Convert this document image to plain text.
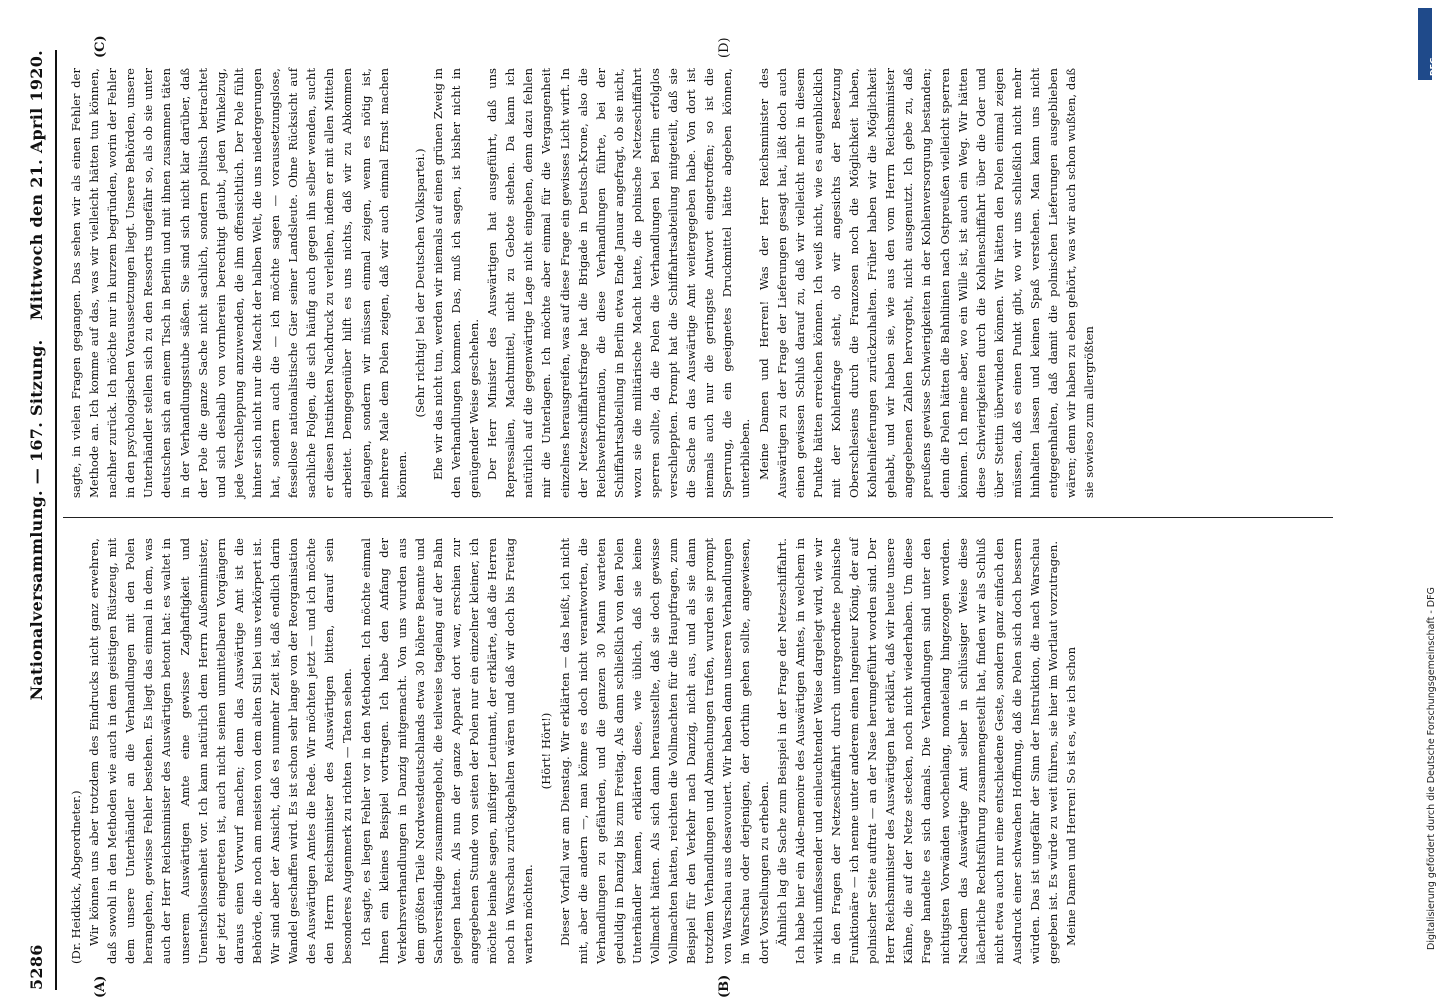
5286
Nationalversammlung. — 167. Sitzung.
Mittwoch den 21. April 1920.
(A)	(B)
(C)	(D)

(Dr. Heidkick, Abgeordneter.) Wir können uns aber trotzdem des Eindrucks nicht ganz erwehren, daß sowohl in den Methoden wie auch in dem geistigen Rüstzeug, mit dem unsere Unterhändler an die Verhandlungen mit den Polen herangehen, gewisse Fehler bestehen. Es liegt das einmal in dem, was auch der Herr Reichsminister des Auswärtigen betont hat: es waltet in unserem Auswärtigen Amte eine gewisse Zaghaftigkeit und Unentschlossenheit vor. Ich kann natürlich dem Herrn Außenminister, der jetzt eingetreten ist, auch nicht seinen unmittelbaren Vorgängern daraus einen Vorwurf machen; denn das Auswärtige Amt ist die Behörde, die noch am meisten von dem alten Stil bei uns verkörpert ist. Wir sind aber der Ansicht, daß es nunmehr Zeit ist, daß endlich darin Wandel geschaffen wird. Es ist schon sehr lange von der Reorganisation des Auswärtigen Amtes die Rede. Wir möchten jetzt — und ich möchte den Herrn Reichsminister des Auswärtigen bitten, darauf sein besonderes Augenmerk zu richten — Taten sehen. Ich sagte, es liegen Fehler vor in den Methoden. Ich möchte einmal Ihnen ein kleines Beispiel vortragen. Ich habe den Anfang der Verkehrsverhandlungen in Danzig mitgemacht. Von uns wurden aus dem größten Teile Nordwestdeutschlands etwa 30 höhere Beamte und Sachverständige zusammengeholt, die teilweise tagelang auf der Bahn gelegen hatten. Als nun der ganze Apparat dort war, erschien zur angegebenen Stunde von seiten der Polen nur ein einzelner kleiner, ich möchte beinahe sagen, mißriger Leutnant, der erklärte, daß die Herren noch in Warschau zurückgehalten wären und daß wir doch bis Freitag warten möchten.

(Hört! Hört!) Dieser Vorfall war am Dienstag. Wir erklärten — das heißt, ich nicht mit, aber die andern —, man könne es doch nicht verantworten, die Verhandlungen zu gefährden, und die ganzen 30 Mann warteten geduldig in Danzig bis zum Freitag. Als dann schließlich von den Polen Unterhändler kamen, erklärten diese, wie üblich, daß sie keine Vollmacht hätten. Als sich dann herausstellte, daß sie doch gewisse Vollmachten hatten, reichten die Vollmachten für die Hauptfragen, zum Beispiel für den Verkehr nach Danzig, nicht aus, und als sie dann trotzdem Verhandlungen und Abmachungen trafen, wurden sie prompt von Warschau aus desavouiert. Wir haben dann unseren Verhandlungen in Warschau oder derjenigen, der dorthin gehen sollte, angewiesen, dort Vorstellungen zu erheben. Ähnlich lag die Sache zum Beispiel in der Frage der Netzeschiffahrt. Ich habe hier ein Aide-memoire des Auswärtigen Amtes, in welchem in wirklich umfassender und einleuchtender Weise dargelegt wird, wie wir in den Fragen der Netzeschiffahrt durch untergeordnete polnische Funktionäre — ich nenne unter anderem einen Ingenieur König, der auf polnischer Seite auftrat — an der Nase herumgeführt worden sind. Der Herr Reichsminister des Auswärtigen hat erklärt, daß wir heute unsere Kähne, die auf der Netze stecken, noch nicht wiederhaben. Um diese Frage handelte es sich damals. Die Verhandlungen sind unter den nichtigsten Vorwänden wochenlang, monatelang hingezogen worden. Nachdem das Auswärtige Amt selber in schlüssiger Weise diese lächerliche Rechtsführung zusammengestellt hat, finden wir als Schluß nicht etwa auch nur eine entschiedene Geste, sondern ganz einfach den Ausdruck einer schwachen Hoffnung, daß die Polen sich doch bessern würden. Das ist ungefähr der Sinn der Instruktion, die nach Warschau gegeben ist. Es würde zu weit führen, sie hier im Wortlaut vorzutragen. Meine Damen und Herren! So ist es, wie ich schon

sagte, in vielen Fragen gegangen. Das sehen wir als einen Fehler der Methode an. Ich komme auf das, was wir vielleicht hätten tun können, nachher zurück. Ich möchte nur in kurzem begründen, worin der Fehler in den psychologischen Voraussetzungen liegt. Unsere Behörden, unsere Unterhändler stellen sich zu den Ressorts ungefähr so, als ob sie unter deutschen sich an einem Tisch in Berlin und mit ihnen zusammen täten in der Verhandlungsstube säßen. Sie sind sich nicht klar darüber, daß der Pole die ganze Sache nicht sachlich, sondern politisch betrachtet und sich deshalb von vornherein berechtigt glaubt, jeden Winkelzug, jede Verschleppung anzuwenden, die ihm offensichtlich. Der Pole fühlt hinter sich nicht nur die Macht der halben Welt, die uns niedergerungen hat, sondern auch die — ich möchte sagen — voraussetzungslose, fessellose nationalistische Gier seiner Landsleute. Ohne Rücksicht auf sachliche Folgen, die sich häufig auch gegen ihn selber wenden, sucht er diesen Instinkten Nachdruck zu verleihen, indem er mit allen Mitteln arbeitet. Demgegenüber hilft es uns nichts, daß wir zu Abkommen gelangen, sondern wir müssen einmal zeigen, wenn es nötig ist, mehrere Male dem Polen zeigen, daß wir auch einmal Ernst machen können.

(Sehr richtig! bei der Deutschen Volkspartei.) Ehe wir das nicht tun, werden wir niemals auf einen grünen Zweig in den Verhandlungen kommen. Das, muß ich sagen, ist bisher nicht in genügender Weise geschehen. Der Herr Minister des Auswärtigen hat ausgeführt, daß uns Repressalien, Machtmittel, nicht zu Gebote stehen. Da kann ich natürlich auf die gegenwärtige Lage nicht eingehen, denn dazu fehlen mir die Unterlagen. Ich möchte aber einmal für die Vergangenheit einzelnes herausgreifen, was auf diese Frage ein gewisses Licht wirft. In der Netzeschiffahrtsfrage hat die Brigade in Deutsch-Krone, also die Reichswehrformation, die diese Verhandlungen führte, bei der Schiffahrtsabteilung in Berlin etwa Ende Januar angefragt, ob sie nicht, wozu sie die militärische Macht hatte, die polnische Netzeschiffahrt sperren sollte, da die Polen die Verhandlungen bei Berlin erfolglos verschleppten. Prompt hat die Schiffahrtsabteilung mitgeteilt, daß sie die Sache an das Auswärtige Amt weitergegeben habe. Von dort ist niemals auch nur die geringste Antwort eingetroffen; so ist die Sperrung, die ein geeignetes Druckmittel hätte abgeben können, unterblieben. Meine Damen und Herren! Was der Herr Reichsminister des Auswärtigen zu der Frage der Lieferungen gesagt hat, läßt doch auch einen gewissen Schluß darauf zu, daß wir vielleicht mehr in diesem Punkte hätten erreichen können. Ich weiß nicht, wie es augenblicklich mit der Kohlenfrage steht, ob wir angesichts der Besetzung Oberschlesiens durch die Franzosen noch die Möglichkeit haben, Kohlenlieferungen zurückzuhalten. Früher haben wir die Möglichkeit gehabt, und wir haben sie, wie aus den vom Herrn Reichsminister angegebenen Zahlen hervorgeht, nicht ausgenutzt. Ich gebe zu, daß preußens gewisse Schwierigkeiten in der Kohlenversorgung bestanden; denn die Polen hätten die Bahnlinien nach Ostpreußen vielleicht sperren können. Ich meine aber, wo ein Wille ist, ist auch ein Weg. Wir hätten diese Schwierigkeiten durch die Kohlenschiffahrt über die Oder und über Stettin überwinden können. Wir hätten den Polen einmal zeigen müssen, daß es einen Punkt gibt, wo wir uns schließlich nicht mehr hinhalten lassen und keinen Spaß verstehen. Man kann uns nicht entgegenhalten, daß damit die polnischen Lieferungen ausgeblieben wären; denn wir haben zu eben gehört, was wir auch schon wußten, daß sie sowieso zum allergrößten

Digitalisierung gefördert durch die Deutsche Forschungsgemeinschaft - DFG
DFG
